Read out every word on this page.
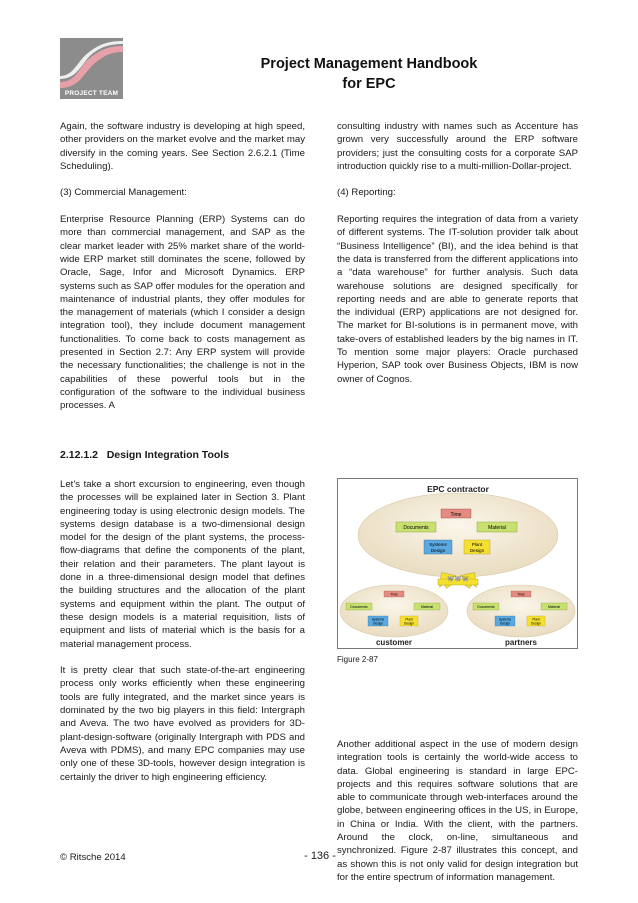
PROJECT TEAM
Project Management Handbook
for EPC

Again, the software industry is developing at high speed, other providers on the market evolve and the market may diversify in the coming years. See Section 2.6.2.1 (Time Scheduling).

(3) Commercial Management:

Enterprise Resource Planning (ERP) Systems can do more than commercial management, and SAP as the clear market leader with 25% market share of the world-wide ERP market still dominates the scene, followed by Oracle, Sage, Infor and Microsoft Dynamics. ERP systems such as SAP offer modules for the operation and maintenance of industrial plants, they offer modules for the management of materials (which I consider a design integration tool), they include document management functionalities. To come back to costs management as presented in Section 2.7: Any ERP system will provide the necessary functionalities; the challenge is not in the capabilities of these powerful tools but in the configuration of the software to the individual business processes. A

consulting industry with names such as Accenture has grown very successfully around the ERP software providers; just the consulting costs for a corporate SAP introduction quickly rise to a multi-million-Dollar-project.

(4) Reporting:

Reporting requires the integration of data from a variety of different systems. The IT-solution provider talk about “Business Intelligence” (BI), and the idea behind is that the data is transferred from the different applications into a “data warehouse” for further analysis. Such data warehouse solutions are designed specifically for reporting needs and are able to generate reports that the individual (ERP) applications are not designed for. The market for BI-solutions is in permanent move, with take-overs of established leaders by the big names in IT. To mention some major players: Oracle purchased Hyperion, SAP took over Business Objects, IBM is now owner of Cognos.

2.12.1.2 Design Integration Tools

Let’s take a short excursion to engineering, even though the processes will be explained later in Section 3. Plant engineering today is using electronic design models. The systems design database is a two-dimensional design model for the design of the plant systems, the process-flow-diagrams that define the components of the plant, their relation and their parameters. The plant layout is done in a three-dimensional design model that defines the building structures and the allocation of the plant systems and equipment within the plant. The output of these design models is a material requisition, lists of equipment and lists of material which is the basis for a material management process.

It is pretty clear that such state-of-the-art engineering process only works efficiently when these engineering tools are fully integrated, and the market since years is dominated by the two big players in this field: Intergraph and Aveva. The two have evolved as providers for 3D-plant-design-software (originally Intergraph with PDS and Aveva with PDMS), and many EPC companies may use only one of these 3D-tools, however design integration is certainly the driver to high engineering efficiency.

EPC contractor
Time
Documents	Material
Systems
Design
Plant
Design
W W W
Time
Documents	Material
Systems
Design
Plant
Design
customer
Time
Documents	Material
Systems
Design
Plant
Design
partners
Figure 2-87

Another additional aspect in the use of modern design integration tools is certainly the world-wide access to data. Global engineering is standard in large EPC-projects and this requires software solutions that are able to communicate through web-interfaces around the globe, between engineering offices in the US, in Europe, in China or India. With the client, with the partners. Around the clock, on-line, simultaneous and synchronized. Figure 2-87 illustrates this concept, and as shown this is not only valid for design integration but for the entire spectrum of information management.

© Ritsche 2014	- 136 -
